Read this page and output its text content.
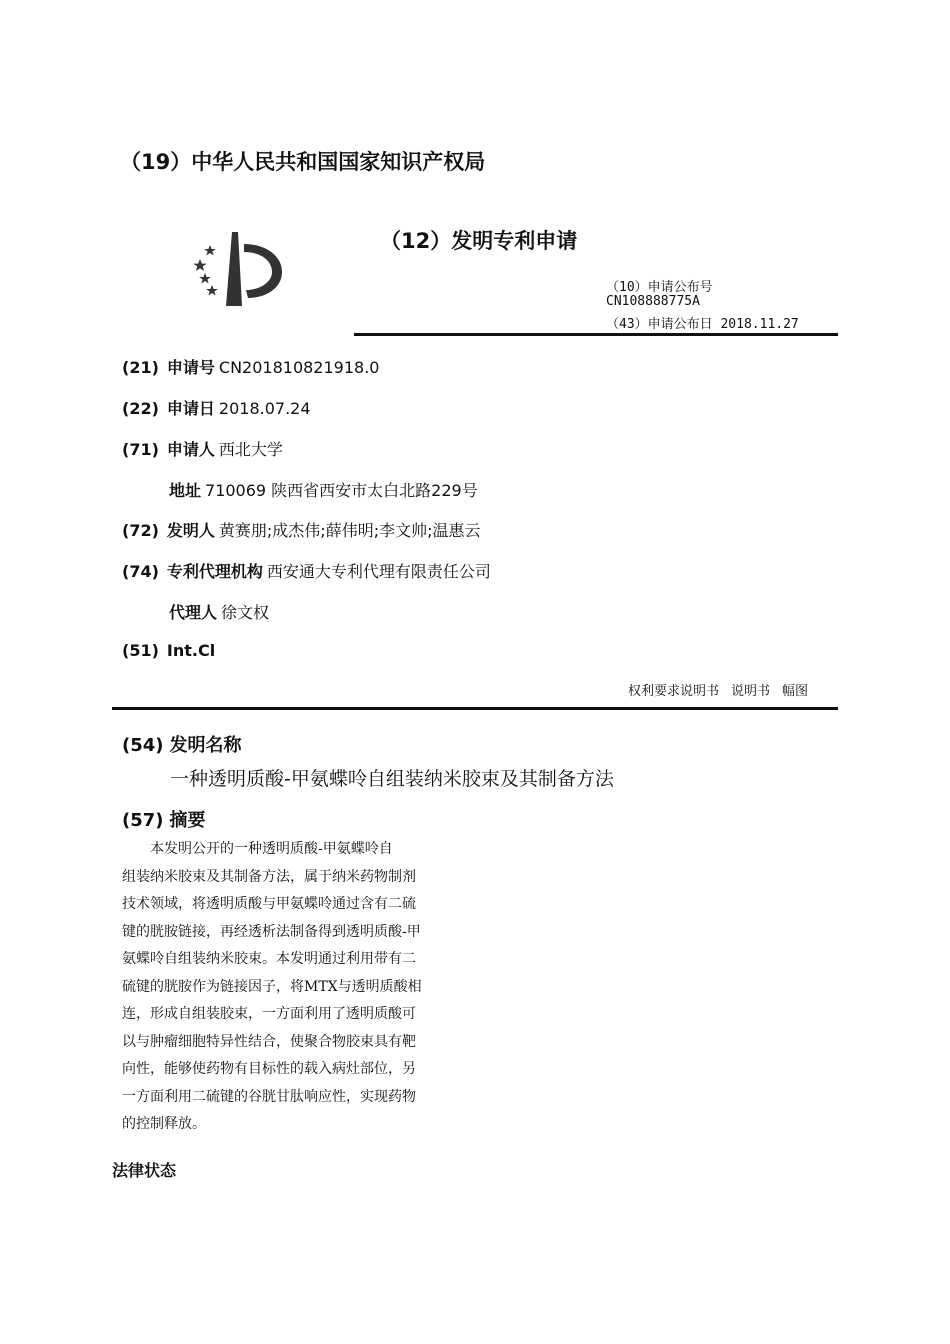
（19）中华人民共和国国家知识产权局
（12）发明专利申请
（10）申请公布号
CN108888775A
（43）申请公布日 2018.11.27
(21) 申请号 CN201810821918.0
(22) 申请日 2018.07.24
(71) 申请人 西北大学
地址 710069 陕西省西安市太白北路229号
(72) 发明人 黄赛朋;成杰伟;薛伟明;李文帅;温惠云
(74) 专利代理机构 西安通大专利代理有限责任公司
代理人 徐文权
(51) Int.Cl
权利要求说明书 说明书 幅图
(54) 发明名称
一种透明质酸-甲氨蝶呤自组装纳米胶束及其制备方法
(57) 摘要
　　本发明公开的一种透明质酸-甲氨蝶呤自
组装纳米胶束及其制备方法，属于纳米药物制剂
技术领域，将透明质酸与甲氨蝶呤通过含有二硫
键的胱胺链接，再经透析法制备得到透明质酸-甲
氨蝶呤自组装纳米胶束。本发明通过利用带有二
硫键的胱胺作为链接因子，将MTX与透明质酸相
连，形成自组装胶束，一方面利用了透明质酸可
以与肿瘤细胞特异性结合，使聚合物胶束具有靶
向性，能够使药物有目标性的载入病灶部位，另
一方面利用二硫键的谷胱甘肽响应性，实现药物
的控制释放。
法律状态
